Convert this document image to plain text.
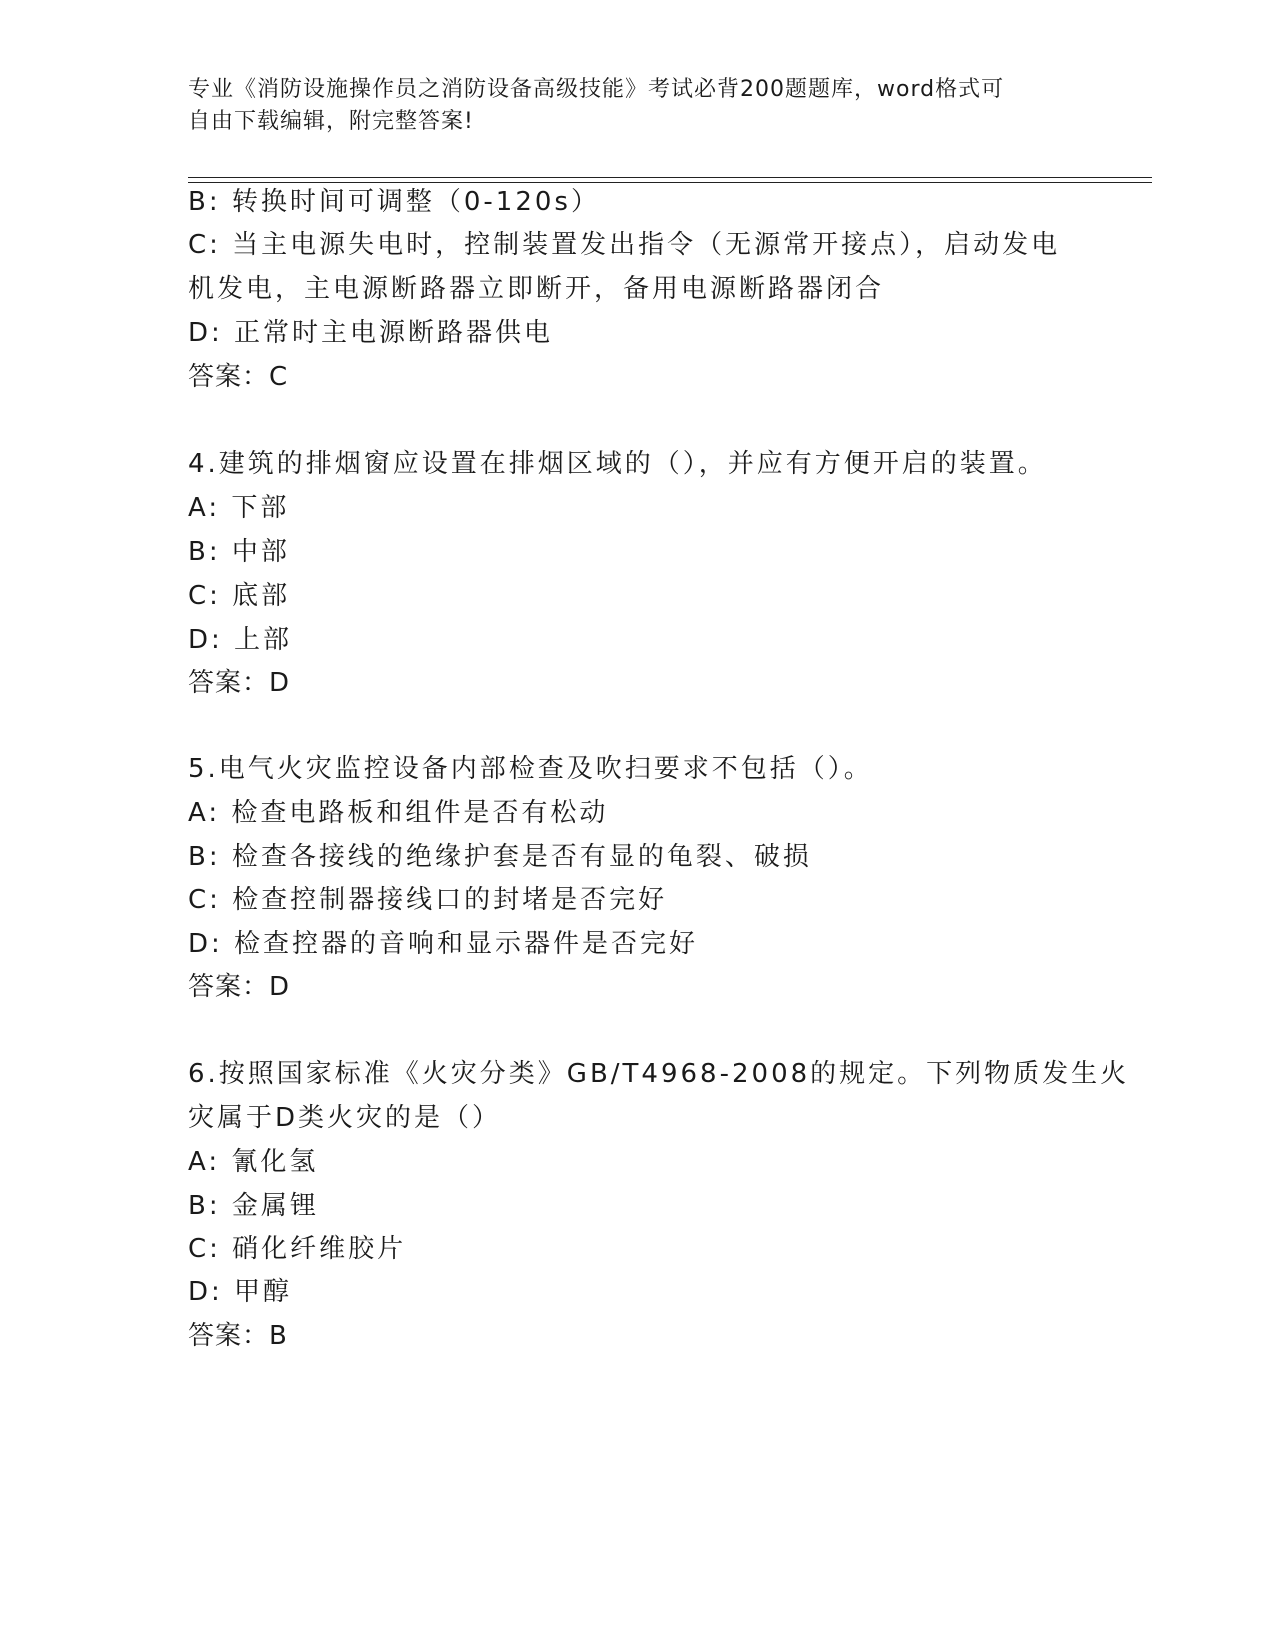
专业《消防设施操作员之消防设备高级技能》考试必背200题题库，word格式可
自由下载编辑，附完整答案!
B: 转换时间可调整（0-120s）
C: 当主电源失电时，控制装置发出指令（无源常开接点），启动发电
机发电，主电源断路器立即断开，备用电源断路器闭合
D: 正常时主电源断路器供电
答案：C
4.建筑的排烟窗应设置在排烟区域的（），并应有方便开启的装置。
A: 下部
B: 中部
C: 底部
D: 上部
答案：D
5.电气火灾监控设备内部检查及吹扫要求不包括（）。
A: 检查电路板和组件是否有松动
B: 检查各接线的绝缘护套是否有显的龟裂、破损
C: 检查控制器接线口的封堵是否完好
D: 检查控器的音响和显示器件是否完好
答案：D
6.按照国家标准《火灾分类》GB/T4968-2008的规定。下列物质发生火
灾属于D类火灾的是（）
A: 氰化氢
B: 金属锂
C: 硝化纤维胶片
D: 甲醇
答案：B
